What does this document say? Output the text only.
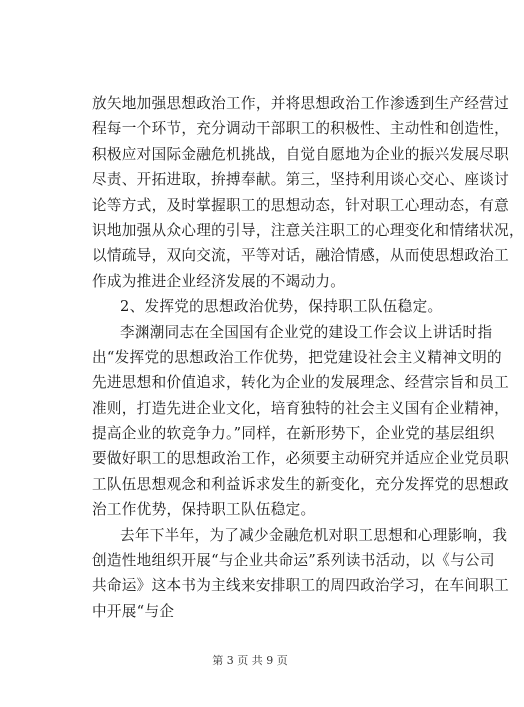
放矢地加强思想政治工作，并将思想政治工作渗透到生产经营过
程每一个环节，充分调动干部职工的积极性、主动性和创造性，
积极应对国际金融危机挑战，自觉自愿地为企业的振兴发展尽职
尽责、开拓进取，拚搏奉献。第三，坚持利用谈心交心、座谈讨
论等方式，及时掌握职工的思想动态，针对职工心理动态，有意
识地加强从众心理的引导，注意关注职工的心理变化和情绪状况，
以情疏导，双向交流，平等对话，融洽情感，从而使思想政治工
作成为推进企业经济发展的不竭动力。
2、发挥党的思想政治优势，保持职工队伍稳定。
李渊潮同志在全国国有企业党的建设工作会议上讲话时指
出“发挥党的思想政治工作优势，把党建设社会主义精神文明的
先进思想和价值追求，转化为企业的发展理念、经营宗旨和员工
准则，打造先进企业文化，培育独特的社会主义国有企业精神，
提高企业的软竞争力。”同样，在新形势下，企业党的基层组织
要做好职工的思想政治工作，必须要主动研究并适应企业党员职
工队伍思想观念和利益诉求发生的新变化，充分发挥党的思想政
治工作优势，保持职工队伍稳定。
去年下半年，为了减少金融危机对职工思想和心理影响，我
创造性地组织开展“与企业共命运”系列读书活动，以《与公司
共命运》这本书为主线来安排职工的周四政治学习，在车间职工
中开展“与企
第 3 页 共 9 页
